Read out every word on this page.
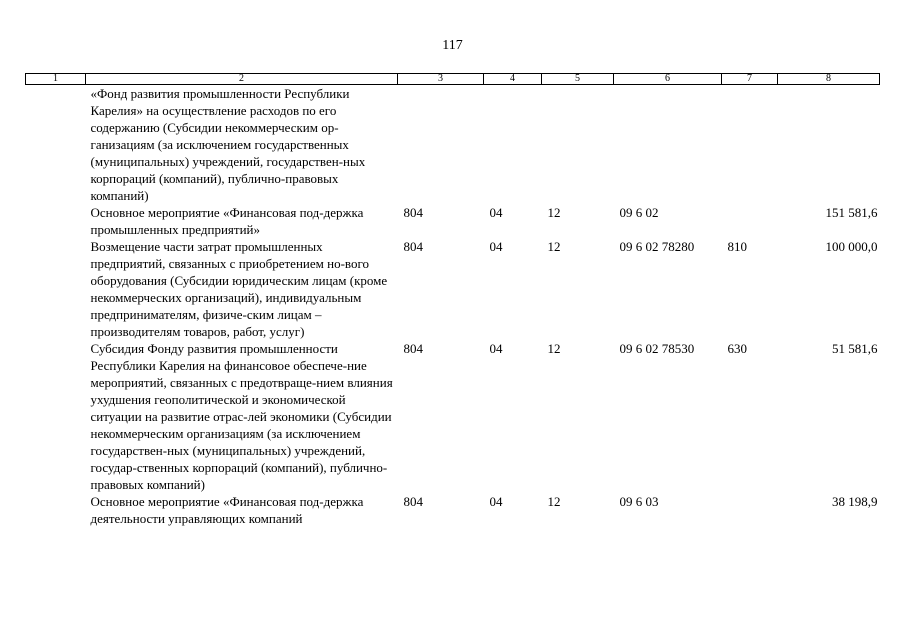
117
1	2	3	4	5	6	7	8
	«Фонд развития промышленности Республики Карелия» на осуществление расходов по его содержанию (Субсидии некоммерческим ор-ганизациям (за исключением государственных (муниципальных) учреждений, государствен-ных корпораций (компаний), публично-правовых компаний)						
	Основное мероприятие «Финансовая под-держка промышленных предприятий»	804	04	12	09 6 02		151 581,6
	Возмещение части затрат промышленных предприятий, связанных с приобретением но-вого оборудования (Субсидии юридическим лицам (кроме некоммерческих организаций), индивидуальным предпринимателям, физиче-ским лицам – производителям товаров, работ, услуг)	804	04	12	09 6 02 78280	810	100 000,0
	Субсидия Фонду развития промышленности Республики Карелия на финансовое обеспече-ние мероприятий, связанных с предотвраще-нием влияния ухудшения геополитической и экономической ситуации на развитие отрас-лей экономики (Субсидии некоммерческим организациям (за исключением государствен-ных (муниципальных) учреждений, государ-ственных корпораций (компаний), публично-правовых компаний)	804	04	12	09 6 02 78530	630	51 581,6
	Основное мероприятие «Финансовая под-держка деятельности управляющих компаний	804	04	12	09 6 03		38 198,9
